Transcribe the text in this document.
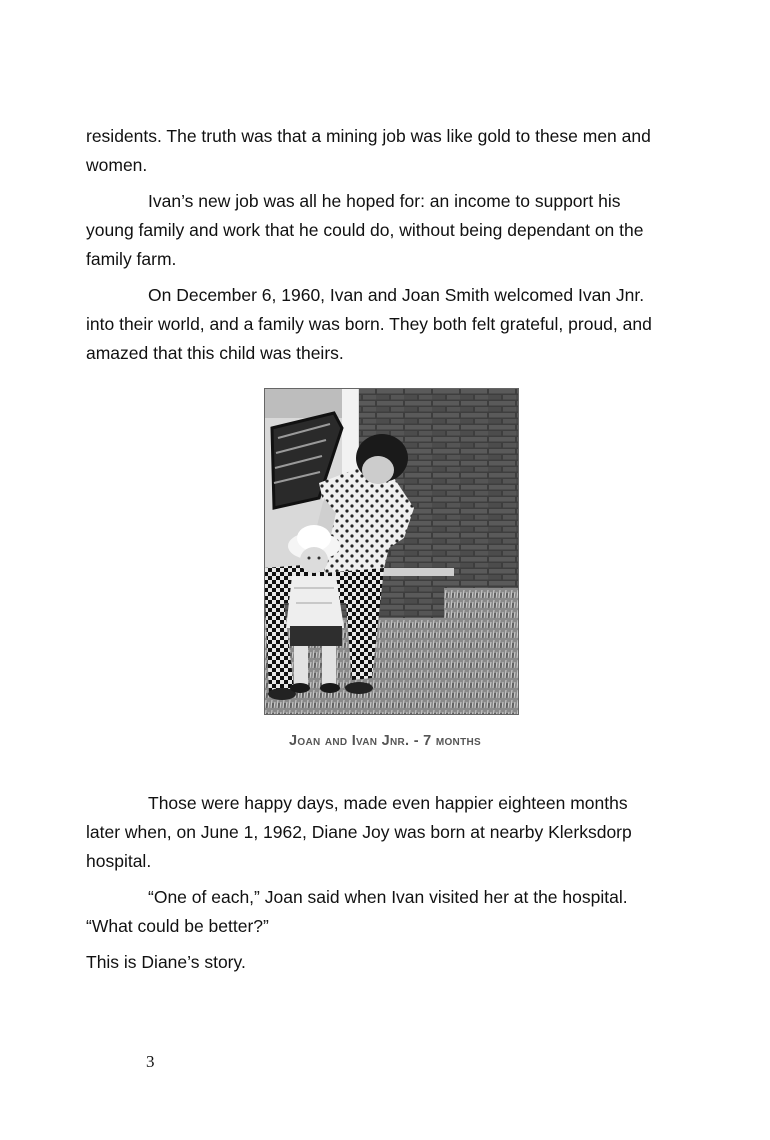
residents. The truth was that a mining job was like gold to these men and women.

Ivan’s new job was all he hoped for: an income to support his young family and work that he could do, without being dependant on the family farm.

On December 6, 1960, Ivan and Joan Smith welcomed Ivan Jnr. into their world, and a family was born. They both felt grateful, proud, and amazed that this child was theirs.

Joan and Ivan Jnr. - 7 months

Those were happy days, made even happier eighteen months later when, on June 1, 1962, Diane Joy was born at nearby Klerksdorp hospital.

“One of each,” Joan said when Ivan visited her at the hospital. “What could be better?”

This is Diane’s story.

3
